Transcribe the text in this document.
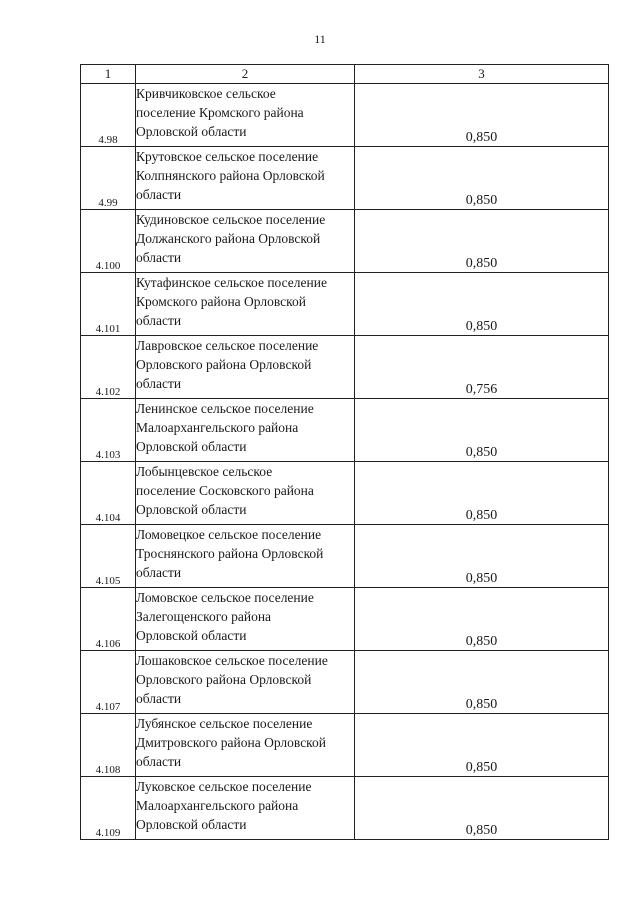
11
1	2	3
4.98	Кривчиковское сельское
поселение Кромского района
Орловской области	0,850
4.99	Крутовское сельское поселение
Колпнянского района Орловской
области	0,850
4.100	Кудиновское сельское поселение
Должанского района Орловской
области	0,850
4.101	Кутафинское сельское поселение
Кромского района Орловской
области	0,850
4.102	Лавровское сельское поселение
Орловского района Орловской
области	0,756
4.103	Ленинское сельское поселение
Малоархангельского района
Орловской области	0,850
4.104	Лобынцевское сельское
поселение Сосковского района
Орловской области	0,850
4.105	Ломовецкое сельское поселение
Троснянского района Орловской
области	0,850
4.106	Ломовское сельское поселение
Залегощенского района
Орловской области	0,850
4.107	Лошаковское сельское поселение
Орловского района Орловской
области	0,850
4.108	Лубянское сельское поселение
Дмитровского района Орловской
области	0,850
4.109	Луковское сельское поселение
Малоархангельского района
Орловской области	0,850
